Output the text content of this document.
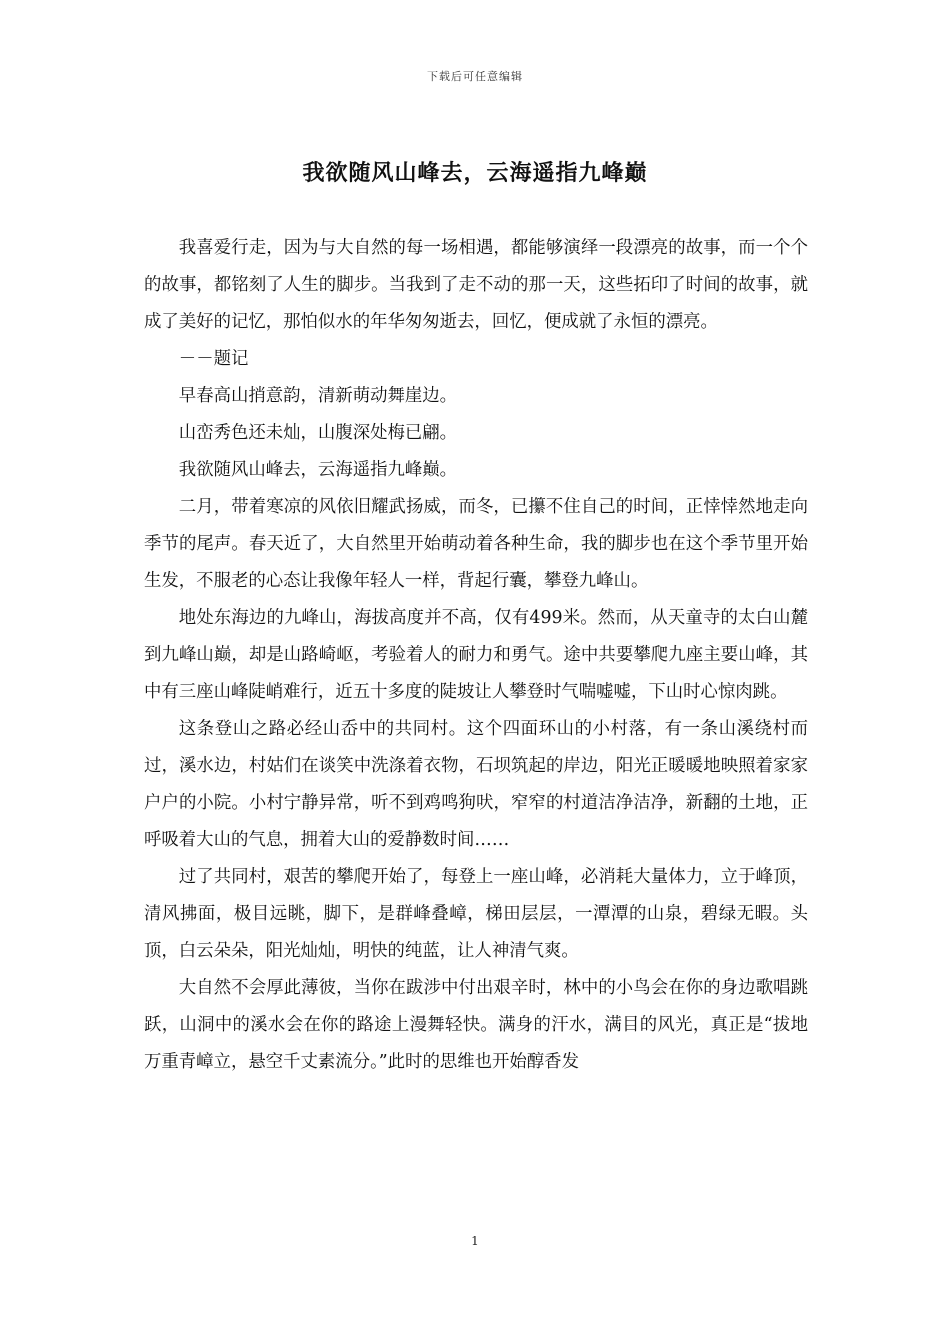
下载后可任意编辑
我欲随风山峰去，云海遥指九峰巅

我喜爱行走，因为与大自然的每一场相遇，都能够演绎一段漂亮的故事，而一个个的故事，都铭刻了人生的脚步。当我到了走不动的那一天，这些拓印了时间的故事，就成了美好的记忆，那怕似水的年华匆匆逝去，回忆，便成就了永恒的漂亮。

－－题记

早春高山捎意韵，清新萌动舞崖边。

山峦秀色还未灿，山腹深处梅已翩。

我欲随风山峰去，云海遥指九峰巅。

二月，带着寒凉的风依旧耀武扬威，而冬，已攥不住自己的时间，正悻悻然地走向季节的尾声。春天近了，大自然里开始萌动着各种生命，我的脚步也在这个季节里开始生发，不服老的心态让我像年轻人一样，背起行囊，攀登九峰山。

地处东海边的九峰山，海拔高度并不高，仅有499米。然而，从天童寺的太白山麓到九峰山巅，却是山路崎岖，考验着人的耐力和勇气。途中共要攀爬九座主要山峰，其中有三座山峰陡峭难行，近五十多度的陡坡让人攀登时气喘嘘嘘，下山时心惊肉跳。

这条登山之路必经山岙中的共同村。这个四面环山的小村落，有一条山溪绕村而过，溪水边，村姑们在谈笑中洗涤着衣物，石坝筑起的岸边，阳光正暖暖地映照着家家户户的小院。小村宁静异常，听不到鸡鸣狗吠，窄窄的村道洁净洁净，新翻的土地，正呼吸着大山的气息，拥着大山的爱静数时间……

过了共同村，艰苦的攀爬开始了，每登上一座山峰，必消耗大量体力，立于峰顶，清风拂面，极目远眺，脚下，是群峰叠嶂，梯田层层，一潭潭的山泉，碧绿无暇。头顶，白云朵朵，阳光灿灿，明快的纯蓝，让人神清气爽。

大自然不会厚此薄彼，当你在跋涉中付出艰辛时，林中的小鸟会在你的身边歌唱跳跃，山洞中的溪水会在你的路途上漫舞轻快。满身的汗水，满目的风光，真正是“拔地万重青嶂立，悬空千丈素流分。”此时的思维也开始醇香发

1
